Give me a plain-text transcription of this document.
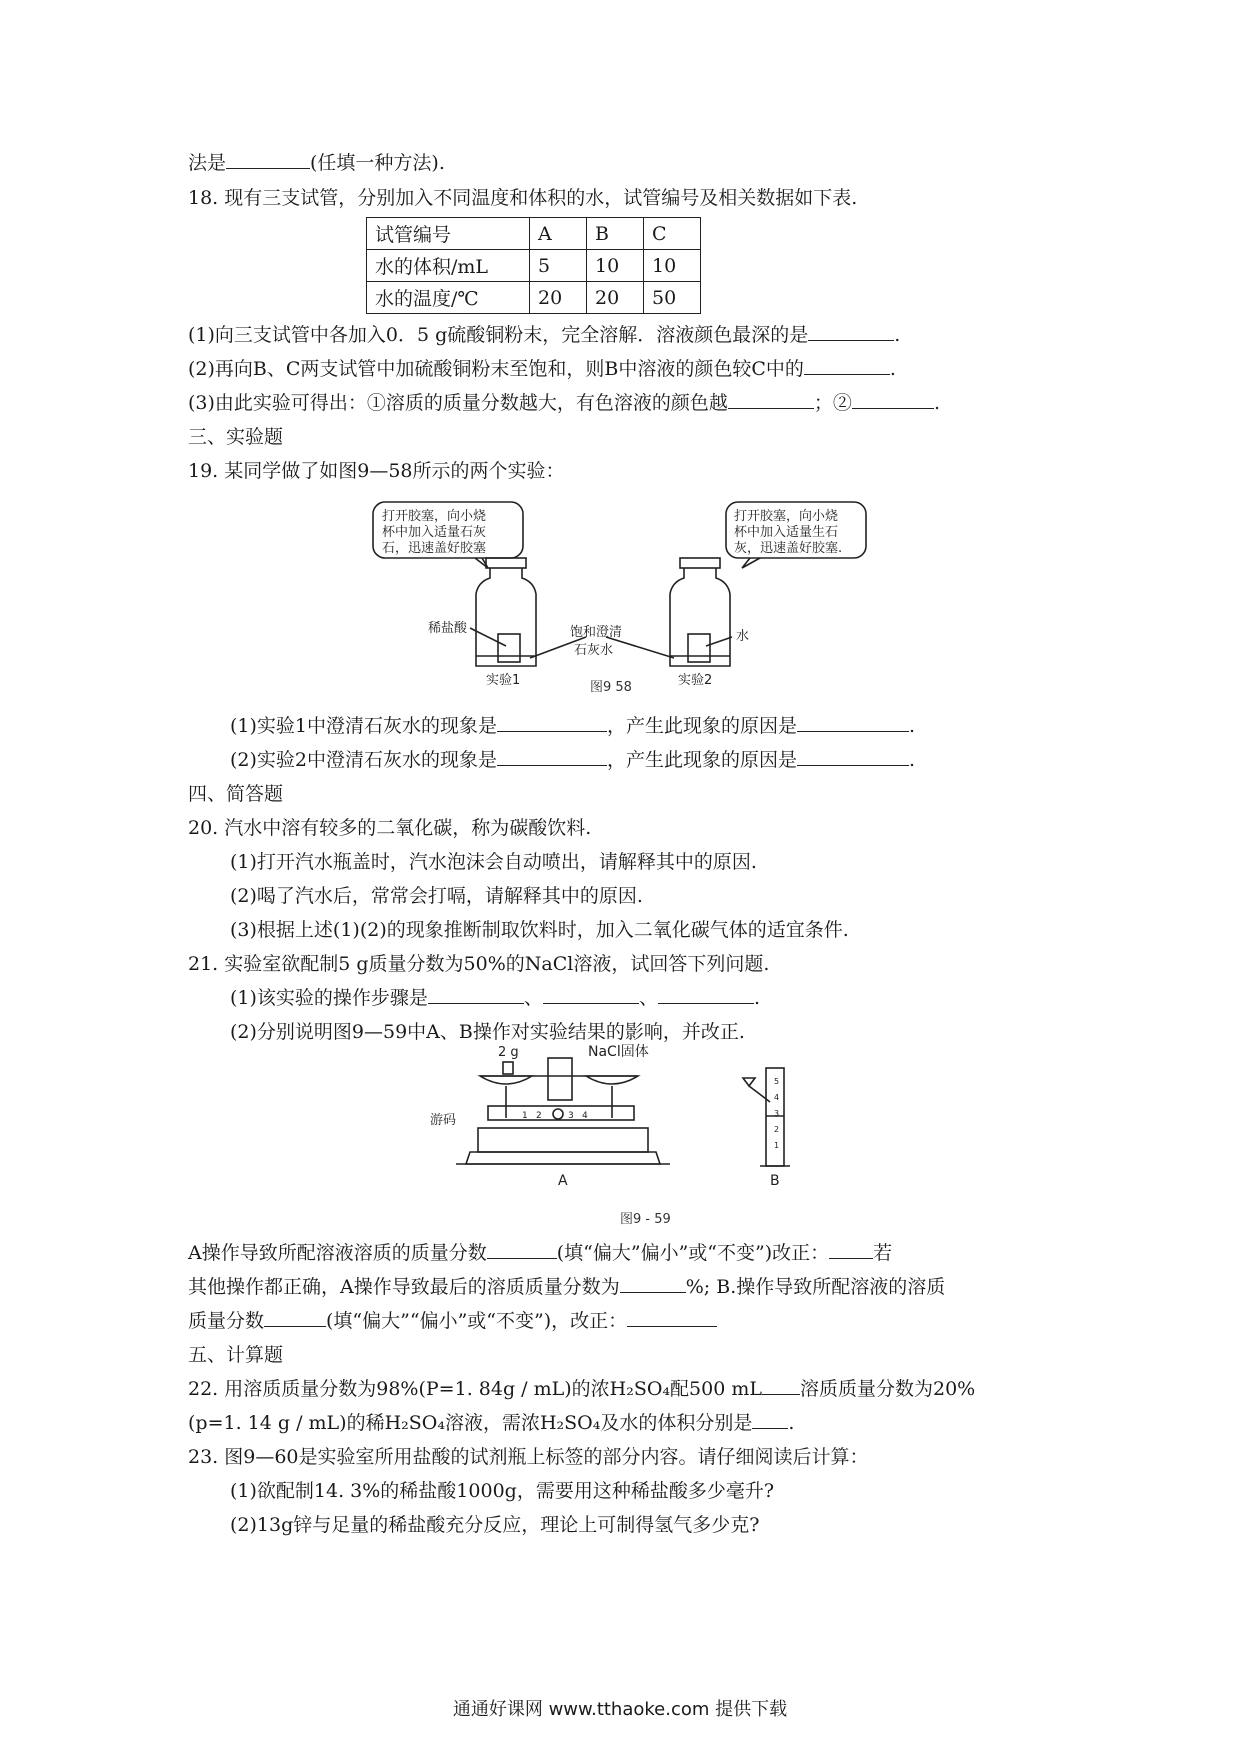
法是	(任填一种方法).
18. 现有三支试管，分别加入不同温度和体积的水，试管编号及相关数据如下表.
试管编号	A	B	C
水的体积/mL	5	10	10
水的温度/℃	20	20	50
(1)向三支试管中各加入0．5 g硫酸铜粉末，完全溶解．溶液颜色最深的是	.
(2)再向B、C两支试管中加硫酸铜粉末至饱和，则B中溶液的颜色较C中的	.
(3)由此实验可得出：①溶质的质量分数越大，有色溶液的颜色越	；②	.
三、实验题
19. 某同学做了如图9—58所示的两个实验：
打开胶塞，向小烧
杯中加入适量石灰
石，迅速盖好胶塞
打开胶塞，向小烧
杯中加入适量生石
灰，迅速盖好胶塞.
稀盐酸	饱和澄清
石灰水
水
实验1	实验2
图9 58
(1)实验1中澄清石灰水的现象是	，产生此现象的原因是	.
(2)实验2中澄清石灰水的现象是	，产生此现象的原因是	.
四、简答题
20. 汽水中溶有较多的二氧化碳，称为碳酸饮料.
(1)打开汽水瓶盖时，汽水泡沫会自动喷出，请解释其中的原因.
(2)喝了汽水后，常常会打嗝，请解释其中的原因.
(3)根据上述(1)(2)的现象推断制取饮料时，加入二氧化碳气体的适宜条件.
21. 实验室欲配制5 g质量分数为50%的NaCl溶液，试回答下列问题.
(1)该实验的操作步骤是	、	、	.
(2)分别说明图9—59中A、B操作对实验结果的影响，并改正.
2 g	NaCl固体
游码	1 2	3 4
A	B
5
4
3
2
1
图9 - 59
A操作导致所配溶液溶质的质量分数	(填“偏大”偏小”或“不变”)改正： 若
其他操作都正确，A操作导致最后的溶质质量分数为	%; B.操作导致所配溶液的溶质
质量分数	(填“偏大”“偏小”或“不变”)，改正：
五、计算题
22. 用溶质质量分数为98%(P=1. 84g / mL)的浓H₂SO₄配500 mL 溶质质量分数为20%
(p=1. 14 g / mL)的稀H₂SO₄溶液，需浓H₂SO₄及水的体积分别是 .
23. 图9—60是实验室所用盐酸的试剂瓶上标签的部分内容。请仔细阅读后计算：
(1)欲配制14. 3%的稀盐酸1000g，需要用这种稀盐酸多少毫升?
(2)13g锌与足量的稀盐酸充分反应，理论上可制得氢气多少克?
通通好课网 www.tthaoke.com 提供下载
